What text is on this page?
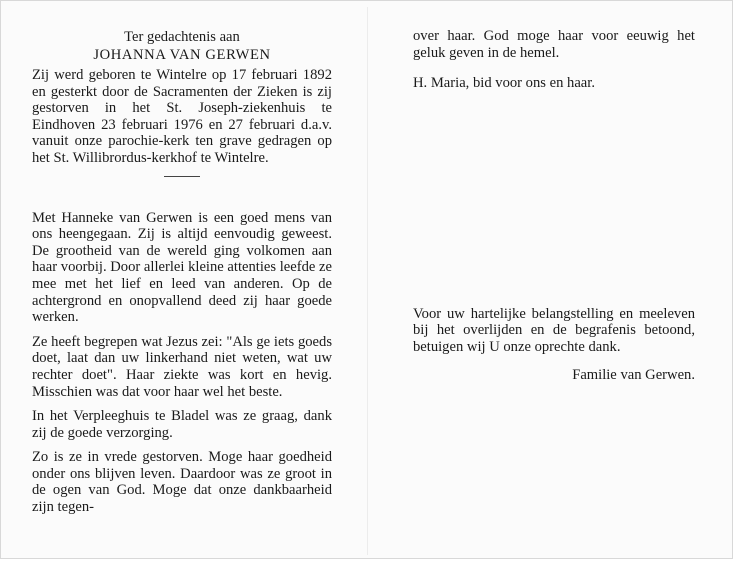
Ter gedachtenis aan

JOHANNA VAN GERWEN

Zij werd geboren te Wintelre op 17 februari 1892 en gesterkt door de Sacramenten der Zieken is zij gestorven in het St. Joseph-ziekenhuis te Eindhoven 23 februari 1976 en 27 februari d.a.v. vanuit onze parochie-kerk ten grave gedragen op het St. Willibrordus-kerkhof te Wintelre.

Met Hanneke van Gerwen is een goed mens van ons heengegaan. Zij is altijd eenvoudig geweest. De grootheid van de wereld ging volkomen aan haar voorbij. Door allerlei kleine attenties leefde ze mee met het lief en leed van anderen. Op de achtergrond en onopvallend deed zij haar goede werken.

Ze heeft begrepen wat Jezus zei: "Als ge iets goeds doet, laat dan uw linkerhand niet weten, wat uw rechter doet". Haar ziekte was kort en hevig. Misschien was dat voor haar wel het beste.

In het Verpleeghuis te Bladel was ze graag, dank zij de goede verzorging.

Zo is ze in vrede gestorven. Moge haar goedheid onder ons blijven leven. Daardoor was ze groot in de ogen van God. Moge dat onze dankbaarheid zijn tegen-

over haar. God moge haar voor eeuwig het geluk geven in de hemel.

H. Maria, bid voor ons en haar.

Voor uw hartelijke belangstelling en meeleven bij het overlijden en de begrafenis betoond, betuigen wij U onze oprechte dank.

Familie van Gerwen.
